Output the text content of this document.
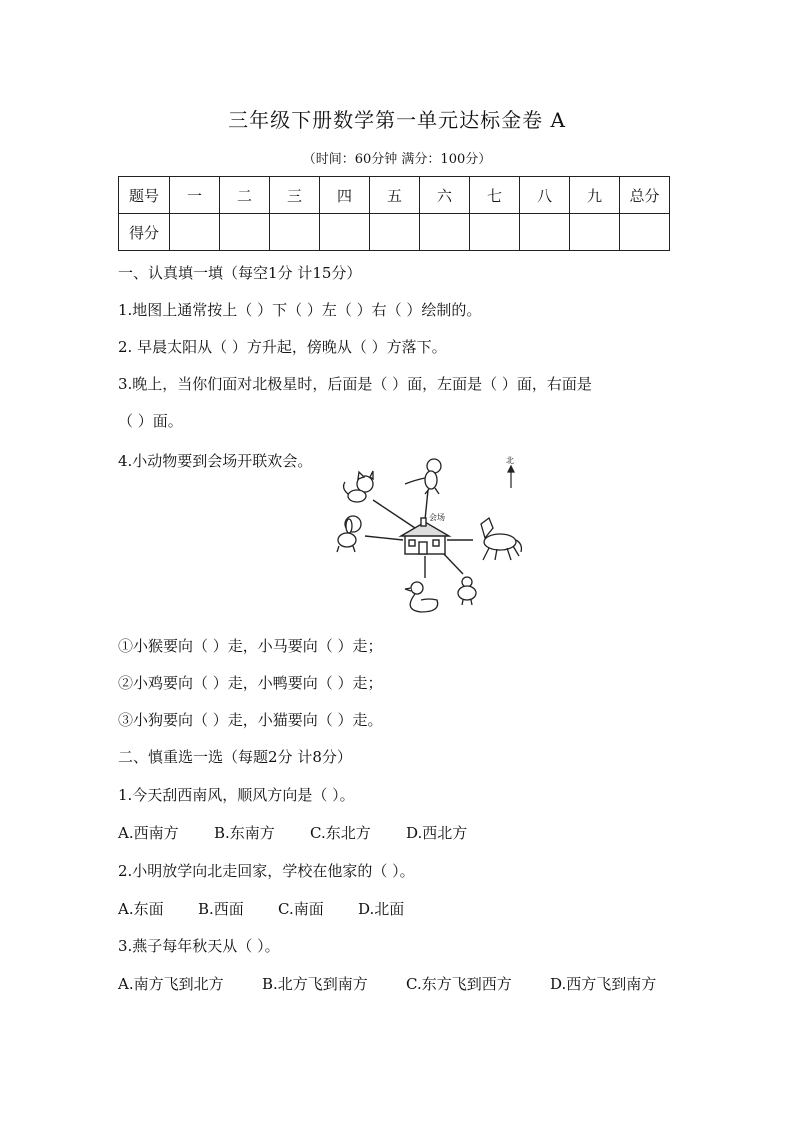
三年级下册数学第一单元达标金卷 A
（时间：60分钟 满分：100分）
题号	一	二	三	四	五	六	七	八	九	总分
得分										
一、认真填一填（每空1分 计15分）
1.地图上通常按上（ ）下（ ）左（ ）右（ ）绘制的。
2. 早晨太阳从（ ）方升起，傍晚从（ ）方落下。
3.晚上，当你们面对北极星时，后面是（ ）面，左面是（ ）面，右面是
（ ）面。
4.小动物要到会场开联欢会。
会场
北
①小猴要向（ ）走，小马要向（ ）走；
②小鸡要向（ ）走，小鸭要向（ ）走；
③小狗要向（ ）走，小猫要向（ ）走。
二、慎重选一选（每题2分 计8分）
1.今天刮西南风，顺风方向是（ ）。
A.西南方 B.东南方 C.东北方 D.西北方
2.小明放学向北走回家，学校在他家的（ ）。
A.东面 B.西面 C.南面 D.北面
3.燕子每年秋天从（ ）。
A.南方飞到北方	B.北方飞到南方	C.东方飞到西方	D.西方飞到南方
